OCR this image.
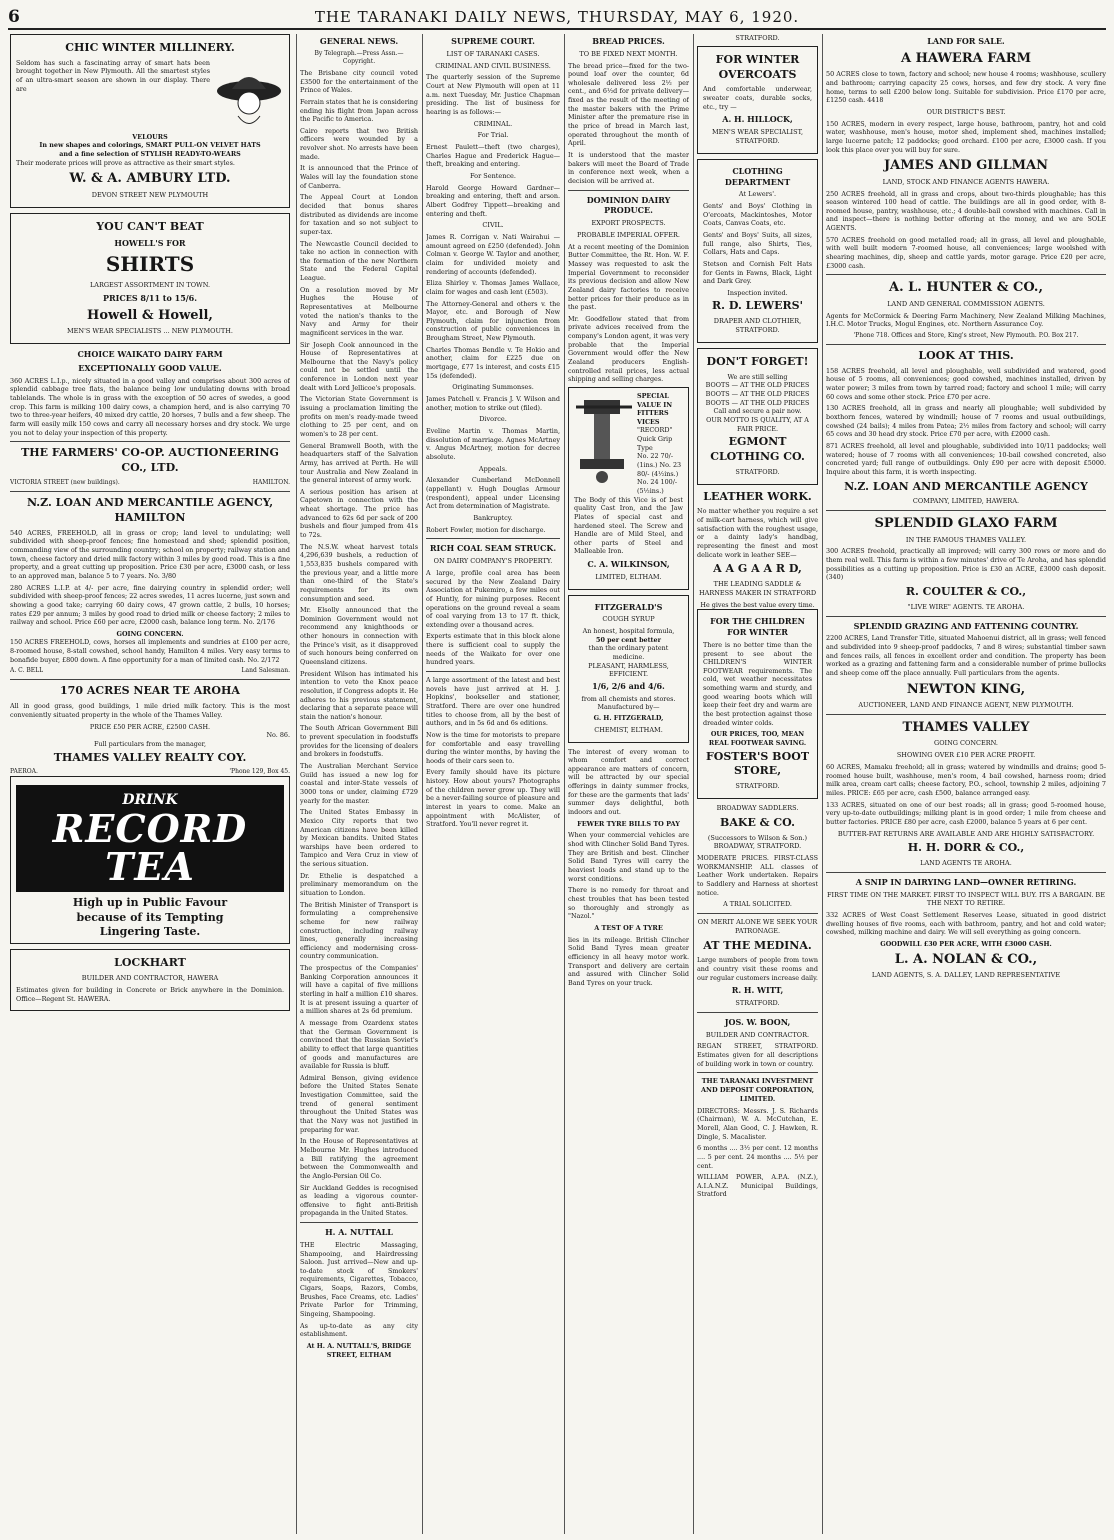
6	THE TARANAKI DAILY NEWS, THURSDAY, MAY 6, 1920.
CHIC WINTER MILLINERY.

Seldom has such a fascinating array of smart hats been brought together in New Plymouth. All the smartest styles of an ultra-smart season are shown in our display. There are

VELOURS
In new shapes and colorings, SMART PULL-ON VELVET HATS
and a fine selection of STYLISH READY-TO-WEARS

Their moderate prices will prove as attractive as their smart styles.

W. & A. AMBURY LTD.
DEVON STREET NEW PLYMOUTH
YOU CAN'T BEAT
HOWELL'S FOR
SHIRTS
LARGEST ASSORTMENT IN TOWN.
PRICES 8/11 to 15/6.
Howell & Howell,
MEN'S WEAR SPECIALISTS ... NEW PLYMOUTH.
CHOICE WAIKATO DAIRY FARM
EXCEPTIONALLY GOOD VALUE.

360 ACRES L.I.p., nicely situated in a good valley and comprises about 300 acres of splendid cabbage tree flats, the balance being low undulating downs with broad tablelands. The whole is in grass with the exception of 50 acres of swedes, a good crop. This farm is milking 100 dairy cows, a champion herd, and is also carrying 70 two to three-year heifers, 40 mixed dry cattle, 20 horses, 7 bulls and a few sheep. The farm will easily milk 150 cows and carry all necessary horses and dry stock. We urge you not to delay your inspection of this property.

THE FARMERS' CO-OP. AUCTIONEERING CO., LTD.
VICTORIA STREET (new buildings).	HAMILTON.
N.Z. LOAN AND MERCANTILE AGENCY, HAMILTON

540 ACRES, FREEHOLD, all in grass or crop; land level to undulating; well subdivided with sheep-proof fences; fine homestead and shed; splendid position, commanding view of the surrounding country; school on property; railway station and town, cheese factory and dried milk factory within 3 miles by good road. This is a fine property, and a great cutting up proposition. Price £30 per acre, £3000 cash, or less to an approved man, balance 5 to 7 years. No. 3/80

280 ACRES L.I.P. at 4/- per acre, fine dairying country in splendid order; well subdivided with sheep-proof fences; 22 acres swedes, 11 acres lucerne, just sown and showing a good take; carrying 60 dairy cows, 47 grown cattle, 2 bulls, 10 horses; rates £29 per annum; 3 miles by good road to dried milk or cheese factory; 2 miles to railway and school. Price £60 per acre, £2000 cash, balance long term. No. 2/176

GOING CONCERN.

150 ACRES FREEHOLD, cows, horses all implements and sundries at £100 per acre, 8-roomed house, 8-stall cowshed, school handy, Hamilton 4 miles. Very easy terms to bonafide buyer, £800 down. A fine opportunity for a man of limited cash. No. 2/172

A. C. BELL	Land Salesman.
170 ACRES NEAR TE AROHA

All in good grass, good buildings, 1 mile dried milk factory. This is the most conveniently situated property in the whole of the Thames Valley.

PRICE £50 PER ACRE, £2500 CASH.
No. 86.
Full particulars from the manager,
THAMES VALLEY REALTY COY.
PAEROA.	'Phone 129, Box 45.
DRINK
RECORD TEA
High up in Public Favour
because of its Tempting
Lingering Taste.
LOCKHART
BUILDER AND CONTRACTOR, HAWERA

Estimates given for building in Concrete or Brick anywhere in the Dominion. Office—Regent St. HAWERA.

GENERAL NEWS.
By Telegraph.—Press Assn.—Copyright.

The Brisbane city council voted £3500 for the entertainment of the Prince of Wales.

Ferrain states that he is considering ending his flight from Japan across the Pacific to America.

Cairo reports that two British officers were wounded by a revolver shot. No arrests have been made.

It is announced that the Prince of Wales will lay the foundation stone of Canberra.

The Appeal Court at London decided that bonus shares distributed as dividends are income for taxation and so not subject to super-tax.

The Newcastle Council decided to take no action in connection with the formation of the new Northern State and the Federal Capital League.

On a resolution moved by Mr Hughes the House of Representatives at Melbourne voted the nation's thanks to the Navy and Army for their magnificent services in the war.

Sir Joseph Cook announced in the House of Representatives at Melbourne that the Navy's policy could not be settled until the conference in London next year dealt with Lord Jellicoe's proposals.

The Victorian State Government is issuing a proclamation limiting the profits on men's ready-made tweed clothing to 25 per cent, and on women's to 28 per cent.

General Bramwell Booth, with the headquarters staff of the Salvation Army, has arrived at Perth. He will tour Australia and New Zealand in the general interest of army work.

A serious position has arisen at Capetown in connection with the wheat shortage. The price has advanced to 62s 6d per sack of 200 bushels and flour jumped from 41s to 72s.

The N.S.W. wheat harvest totals 4,296,639 bushels, a reduction of 1,553,835 bushels compared with the previous year, and a little more than one-third of the State's requirements for its own consumption and seed.

Mr. Elsolly announced that the Dominion Government would not recommend any knighthoods or other honours in connection with the Prince's visit, as it disapproved of such honours being conferred on Queensland citizens.

President Wilson has intimated his intention to veto the Knox peace resolution, if Congress adopts it. He adheres to his previous statement, declaring that a separate peace will stain the nation's honour.

The South African Government Bill to prevent speculation in foodstuffs provides for the licensing of dealers and brokers in foodstuffs.

The Australian Merchant Service Guild has issued a new log for coastal and inter-State vessels of 3000 tons or under, claiming £729 yearly for the master.

The United States Embassy in Mexico City reports that two American citizens have been killed by Mexican bandits. United States warships have been ordered to Tampico and Vera Cruz in view of the serious situation.

Dr. Ethelie is despatched a preliminary memorandum on the situation to London.

The British Minister of Transport is formulating a comprehensive scheme for new railway construction, including railway lines, generally increasing efficiency and modernising cross-country communication.

The prospectus of the Companies' Banking Corporation announces it will have a capital of five millions sterling in half a million £10 shares. It is at present issuing a quarter of a million shares at 2s 6d premium.

A message from Ozardenx states that the German Government is convinced that the Russian Soviet's ability to effect that large quantities of goods and manufactures are available for Russia is bluff.

Admiral Benson, giving evidence before the United States Senate Investigation Committee, said the trend of general sentiment throughout the United States was that the Navy was not justified in preparing for war.

In the House of Representatives at Melbourne Mr. Hughes introduced a Bill ratifying the agreement between the Commonwealth and the Anglo-Persian Oil Co.

Sir Auckland Geddes is recognised as leading a vigorous counter-offensive to fight anti-British propaganda in the United States.

H. A. NUTTALL

THE Electric Massaging, Shampooing, and Hairdressing Saloon. Just arrived—New and up-to-date stock of Smokers' requirements, Cigarettes, Tobacco, Cigars, Soaps, Razors, Combs, Brushes, Face Creams, etc. Ladies' Private Parlor for Trimming, Singeing, Shampooing.

As up-to-date as any city establishment.

At H. A. NUTTALL'S, BRIDGE STREET, ELTHAM
SUPREME COURT.
LIST OF TARANAKI CASES.
CRIMINAL AND CIVIL BUSINESS.

The quarterly session of the Supreme Court at New Plymouth will open at 11 a.m. next Tuesday, Mr. Justice Chapman presiding. The list of business for hearing is as follows:—

CRIMINAL.
For Trial.

Ernest Paulett—theft (two charges), Charles Hague and Frederick Hague—theft, breaking and entering.

For Sentence.

Harold George Howard Gardner—breaking and entering, theft and arson. Albert Godfrey Tippett—breaking and entering and theft.

CIVIL.

James R. Corrigan v. Nati Wairahui —amount agreed on £250 (defended). John Colman v. George W. Taylor and another, claim for undivided moiety and rendering of accounts (defended).

Eliza Shirley v. Thomas James Wallace, claim for wages and cash lent (£503).

The Attorney-General and others v. the Mayor, etc. and Borough of New Plymouth, claim for injunction from construction of public conveniences in Brougham Street, New Plymouth.

Charles Thomas Bendle v. Te Hokio and another, claim for £225 due on mortgage, £77 1s interest, and costs £15 15s (defended).

Originating Summonses.

James Patchell v. Francis J. V. Wilson and another, motion to strike out (filed).

Divorce.

Eveline Martin v. Thomas Martin, dissolution of marriage. Agnes McArtney v. Angus McArtney, motion for decree absolute.

Appeals.

Alexander Cumberland McDonnell (appellant) v. Hugh Douglas Armour (respondent), appeal under Licensing Act from determination of Magistrate.

Bankruptcy.

Robert Fowler, motion for discharge.

RICH COAL SEAM STRUCK.
ON DAIRY COMPANY'S PROPERTY.

A large, profile coal area has been secured by the New Zealand Dairy Association at Pukemiro, a few miles out of Huntly, for mining purposes. Recent operations on the ground reveal a seam of coal varying from 13 to 17 ft. thick, extending over a thousand acres.

Experts estimate that in this block alone there is sufficient coal to supply the needs of the Waikato for over one hundred years.

A large assortment of the latest and best novels have just arrived at H. J. Hopkins', bookseller and stationer, Stratford. There are over one hundred titles to choose from, all by the best of authors, and in 5s 6d and 6s editions.

Now is the time for motorists to prepare for comfortable and easy travelling during the winter months, by having the hoods of their cars seen to.

Every family should have its picture history. How about yours? Photographs of the children never grow up. They will be a never-failing source of pleasure and interest in years to come. Make an appointment with McAlister, of Stratford. You'll never regret it.

BREAD PRICES.
TO BE FIXED NEXT MONTH.

The bread price—fixed for the two-pound loaf over the counter, 6d wholesale delivered less 2½ per cent., and 6½d for private delivery—fixed as the result of the meeting of the master bakers with the Prime Minister after the premature rise in the price of bread in March last, operated throughout the month of April.

It is understood that the master bakers will meet the Board of Trade in conference next week, when a decision will be arrived at.

DOMINION DAIRY PRODUCE.
EXPORT PROSPECTS.
PROBABLE IMPERIAL OFFER.

At a recent meeting of the Dominion Butter Committee, the Rt. Hon. W. F. Massey was requested to ask the Imperial Government to reconsider its previous decision and allow New Zealand dairy factories to receive better prices for their produce as in the past.

Mr. Goodfellow stated that from private advices received from the company's London agent, it was very probable that the Imperial Government would offer the New Zealand producers English-controlled retail prices, less actual shipping and selling charges.

SPECIAL VALUE IN FITTERS VICES
"RECORD" Quick Grip Type
No. 22 70/- (1ins.) No. 23 80/- (4½ins.) No. 24 100/- (5½ins.)

The Body of this Vice is of best quality Cast Iron, and the Jaw Plates of special cast and hardened steel. The Screw and Handle are of Mild Steel, and other parts of Steel and Malleable Iron.

C. A. WILKINSON,
LIMITED, ELTHAM.
FITZGERALD'S
COUGH SYRUP
An honest, hospital formula,
50 per cent better
than the ordinary patent medicine.
PLEASANT, HARMLESS, EFFICIENT.
1/6, 2/6 and 4/6.
from all chemists and stores. Manufactured by—
G. H. FITZGERALD,
CHEMIST, ELTHAM.

The interest of every woman to whom comfort and correct appearance are matters of concern, will be attracted by our special offerings in dainty summer frocks, for these are the garments that lads' summer days delightful, both indoors and out.

FEWER TYRE BILLS TO PAY

When your commercial vehicles are shod with Clincher Solid Band Tyres. They are British and best. Clincher Solid Band Tyres will carry the heaviest loads and stand up to the worst conditions.

There is no remedy for throat and chest troubles that has been tested so thoroughly and strongly as "Nazol."

A TEST OF A TYRE

lies in its mileage. British Clincher Solid Band Tyres mean greater efficiency in all heavy motor work. Transport and delivery are certain and assured with Clincher Solid Band Tyres on your truck.

STRATFORD.
FOR WINTER OVERCOATS

And comfortable underwear, sweater coats, durable socks, etc., try —

A. H. HILLOCK,
MEN'S WEAR SPECIALIST, STRATFORD.
CLOTHING DEPARTMENT
At Lewers'.

Gents' and Boys' Clothing in O'ercoats, Mackintoshes, Motor Coats, Canvas Coats, etc.

Gents' and Boys' Suits, all sizes, full range, also Shirts, Ties, Collars, Hats and Caps.

Stetson and Cornish Felt Hats for Gents in Fawns, Black, Light and Dark Grey.

Inspection invited.
R. D. LEWERS'
DRAPER AND CLOTHIER, STRATFORD.
DON'T FORGET!
We are still selling
BOOTS — AT THE OLD PRICES
BOOTS — AT THE OLD PRICES
BOOTS — AT THE OLD PRICES
Call and secure a pair now.
OUR MOTTO IS QUALITY, AT A FAIR PRICE.
EGMONT CLOTHING CO.
STRATFORD.
LEATHER WORK.

No matter whether you require a set of milk-cart harness, which will give satisfaction with the roughest usage, or a dainty lady's handbag, representing the finest and most delicate work in leather SEE—

A A G A A R D,
THE LEADING SADDLE & HARNESS MAKER IN STRATFORD
He gives the best value every time.
FOR THE CHILDREN FOR WINTER

There is no better time than the present to see about the CHILDREN'S WINTER FOOTWEAR requirements. The cold, wet weather necessitates something warm and sturdy, and good wearing boots which will keep their feet dry and warm are the best protection against those dreaded winter colds.

OUR PRICES, TOO, MEAN REAL FOOTWEAR SAVING.
FOSTER'S BOOT STORE,
STRATFORD.
BROADWAY SADDLERS.
BAKE & CO.
(Successors to Wilson & Son.) BROADWAY, STRATFORD.

MODERATE PRICES. FIRST-CLASS WORKMANSHIP. ALL classes of Leather Work undertaken. Repairs to Saddlery and Harness at shortest notice.

A TRIAL SOLICITED.
ON MERIT ALONE WE SEEK YOUR PATRONAGE.
AT THE MEDINA.

Large numbers of people from town and country visit these rooms and our regular customers increase daily.

R. H. WITT,
STRATFORD.
JOS. W. BOON,
BUILDER AND CONTRACTOR.

REGAN STREET, STRATFORD. Estimates given for all descriptions of building work in town or country.

THE TARANAKI INVESTMENT AND DEPOSIT CORPORATION, LIMITED.

DIRECTORS: Messrs. J. S. Richards (Chairman), W. A. McCutchan, E. Morell, Alan Good, C. J. Hawken, R. Dingle, S. Macalister.

6 months .... 3½ per cent. 12 months .... 5 per cent. 24 months .... 5½ per cent.

WILLIAM POWER, A.P.A. (N.Z.), A.I.A.N.Z. Municipal Buildings, Stratford

LAND FOR SALE.
A HAWERA FARM

50 ACRES close to town, factory and school; new house 4 rooms; washhouse, scullery and bathroom; carrying capacity 25 cows, horses, and few dry stock. A very fine home, terms to sell £200 below long. Suitable for subdivision. Price £170 per acre, £1250 cash. 4418

OUR DISTRICT'S BEST.

150 ACRES, modern in every respect, large house, bathroom, pantry, hot and cold water, washhouse, men's house, motor shed, implement shed, machines installed; large lucerne patch; 12 paddocks; good orchard. £100 per acre, £3000 cash. If you look this place over you will buy for sure.

JAMES AND GILLMAN
LAND, STOCK AND FINANCE AGENTS HAWERA.

250 ACRES freehold, all in grass and crops, about two-thirds ploughable; has this season wintered 100 head of cattle. The buildings are all in good order, with 8-roomed house, pantry, washhouse, etc.; 4 double-bail cowshed with machines. Call in and inspect—there is nothing better offering at the money, and we are SOLE AGENTS.

570 ACRES freehold on good metalled road; all in grass, all level and ploughable, with well built modern 7-roomed house, all conveniences; large woolshed with shearing machines, dip, sheep and cattle yards, motor garage. Price £20 per acre, £3000 cash.

A. L. HUNTER & CO.,
LAND AND GENERAL COMMISSION AGENTS.

Agents for McCormick & Deering Farm Machinery, New Zealand Milking Machines, I.H.C. Motor Trucks, Mogul Engines, etc. Northern Assurance Coy.

'Phone 718. Offices and Store, King's street, New Plymouth. P.O. Box 217.
LOOK AT THIS.

158 ACRES freehold, all level and ploughable, well subdivided and watered, good house of 5 rooms, all conveniences; good cowshed, machines installed, driven by water power; 3 miles from town by tarred road; factory and school 1 mile; will carry 60 cows and some other stock. Price £70 per acre.

130 ACRES freehold, all in grass and nearly all ploughable; well subdivided by boxthorn fences, watered by windmill; house of 7 rooms and usual outbuildings, cowshed (24 bails); 4 miles from Patea; 2½ miles from factory and school; will carry 65 cows and 30 head dry stock. Price £70 per acre, with £2000 cash.

871 ACRES freehold, all level and ploughable, subdivided into 10/11 paddocks; well watered; house of 7 rooms with all conveniences; 10-bail cowshed concreted, also concreted yard; full range of outbuildings. Only £90 per acre with deposit £5000. Inquire about this farm, it is worth inspecting.

N.Z. LOAN AND MERCANTILE AGENCY
COMPANY, LIMITED, HAWERA.
SPLENDID GLAXO FARM
IN THE FAMOUS THAMES VALLEY.

300 ACRES freehold, practically all improved; will carry 300 rows or more and do them real well. This farm is within a few minutes' drive of Te Aroha, and has splendid possibilities as a cutting up proposition. Price is £30 an ACRE, £3000 cash deposit. (340)

R. COULTER & CO.,
"LIVE WIRE" AGENTS. TE AROHA.
SPLENDID GRAZING AND FATTENING COUNTRY.

2200 ACRES, Land Transfer Title, situated Mahoenui district, all in grass; well fenced and subdivided into 9 sheep-proof paddocks, 7 and 8 wires; substantial timber sawn and fences rails, all fences in excellent order and condition. The property has been worked as a grazing and fattening farm and a considerable number of prime bullocks and sheep come off the place annually. Full particulars from the agents.

NEWTON KING,
AUCTIONEER, LAND AND FINANCE AGENT, NEW PLYMOUTH.
THAMES VALLEY
GOING CONCERN.
SHOWING OVER £10 PER ACRE PROFIT.

60 ACRES, Mamaku freehold; all in grass; watered by windmills and drains; good 5-roomed house built, washhouse, men's room, 4 bail cowshed, harness room; dried milk area, cream cart calls; cheese factory, P.O., school, township 2 miles, adjoining 7 miles. PRICE: £65 per acre, cash £500, balance arranged easy.

133 ACRES, situated on one of our best roads; all in grass; good 5-roomed house, very up-to-date outbuildings; milking plant is in good order; 1 mile from cheese and butter factories. PRICE £80 per acre, cash £2000, balance 5 years at 6 per cent.

BUTTER-FAT RETURNS ARE AVAILABLE AND ARE HIGHLY SATISFACTORY.
H. H. DORR & CO.,
LAND AGENTS TE AROHA.
A SNIP IN DAIRYING LAND—OWNER RETIRING.
FIRST TIME ON THE MARKET. FIRST TO INSPECT WILL BUY. ITS A BARGAIN. BE THE NEXT TO RETIRE.

332 ACRES of West Coast Settlement Reserves Lease, situated in good district dwelling houses of five rooms, each with bathroom, pantry, and hot and cold water; cowshed, milking machine and dairy. We will sell everything as going concern.

GOODWILL £30 PER ACRE, WITH £3000 CASH.
L. A. NOLAN & CO.,
LAND AGENTS, S. A. DALLEY, LAND REPRESENTATIVE
